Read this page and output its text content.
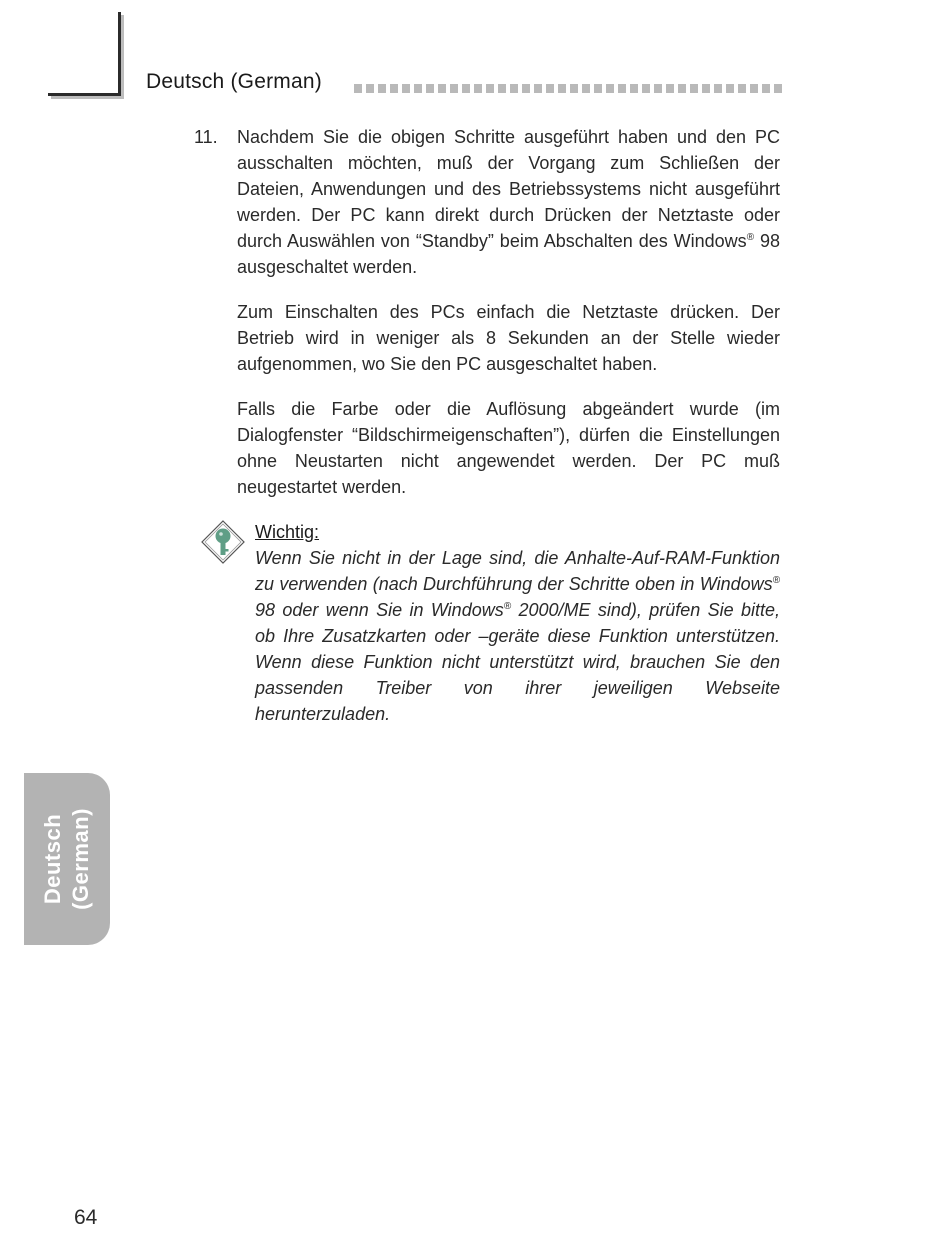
Deutsch (German)
11. Nachdem Sie die obigen Schritte ausgeführt haben und den PC ausschalten möchten, muß der Vorgang zum Schließen der Dateien, Anwendungen und des Betriebssystems nicht ausgeführt werden. Der PC kann direkt durch Drücken der Netztaste oder durch Auswählen von “Standby” beim Abschalten des Windows® 98 ausgeschaltet werden.

Zum Einschalten des PCs einfach die Netztaste drücken. Der Betrieb wird in weniger als 8 Sekunden an der Stelle wieder aufgenommen, wo Sie den PC ausgeschaltet haben.

Falls die Farbe oder die Auflösung abgeändert wurde (im Dialogfenster “Bildschirmeigenschaften”), dürfen die Einstellungen ohne Neustarten nicht angewendet werden. Der PC muß neugestartet werden.

Wichtig:

Wenn Sie nicht in der Lage sind, die Anhalte-Auf-RAM-Funktion zu verwenden (nach Durchführung der Schritte oben in Windows® 98 oder wenn Sie in Windows® 2000/ME sind), prüfen Sie bitte, ob Ihre Zusatzkarten oder –geräte diese Funktion unterstützen. Wenn diese Funktion nicht unterstützt wird, brauchen Sie den passenden Treiber von ihrer jeweiligen Webseite herunterzuladen.

Deutsch (German)
64
